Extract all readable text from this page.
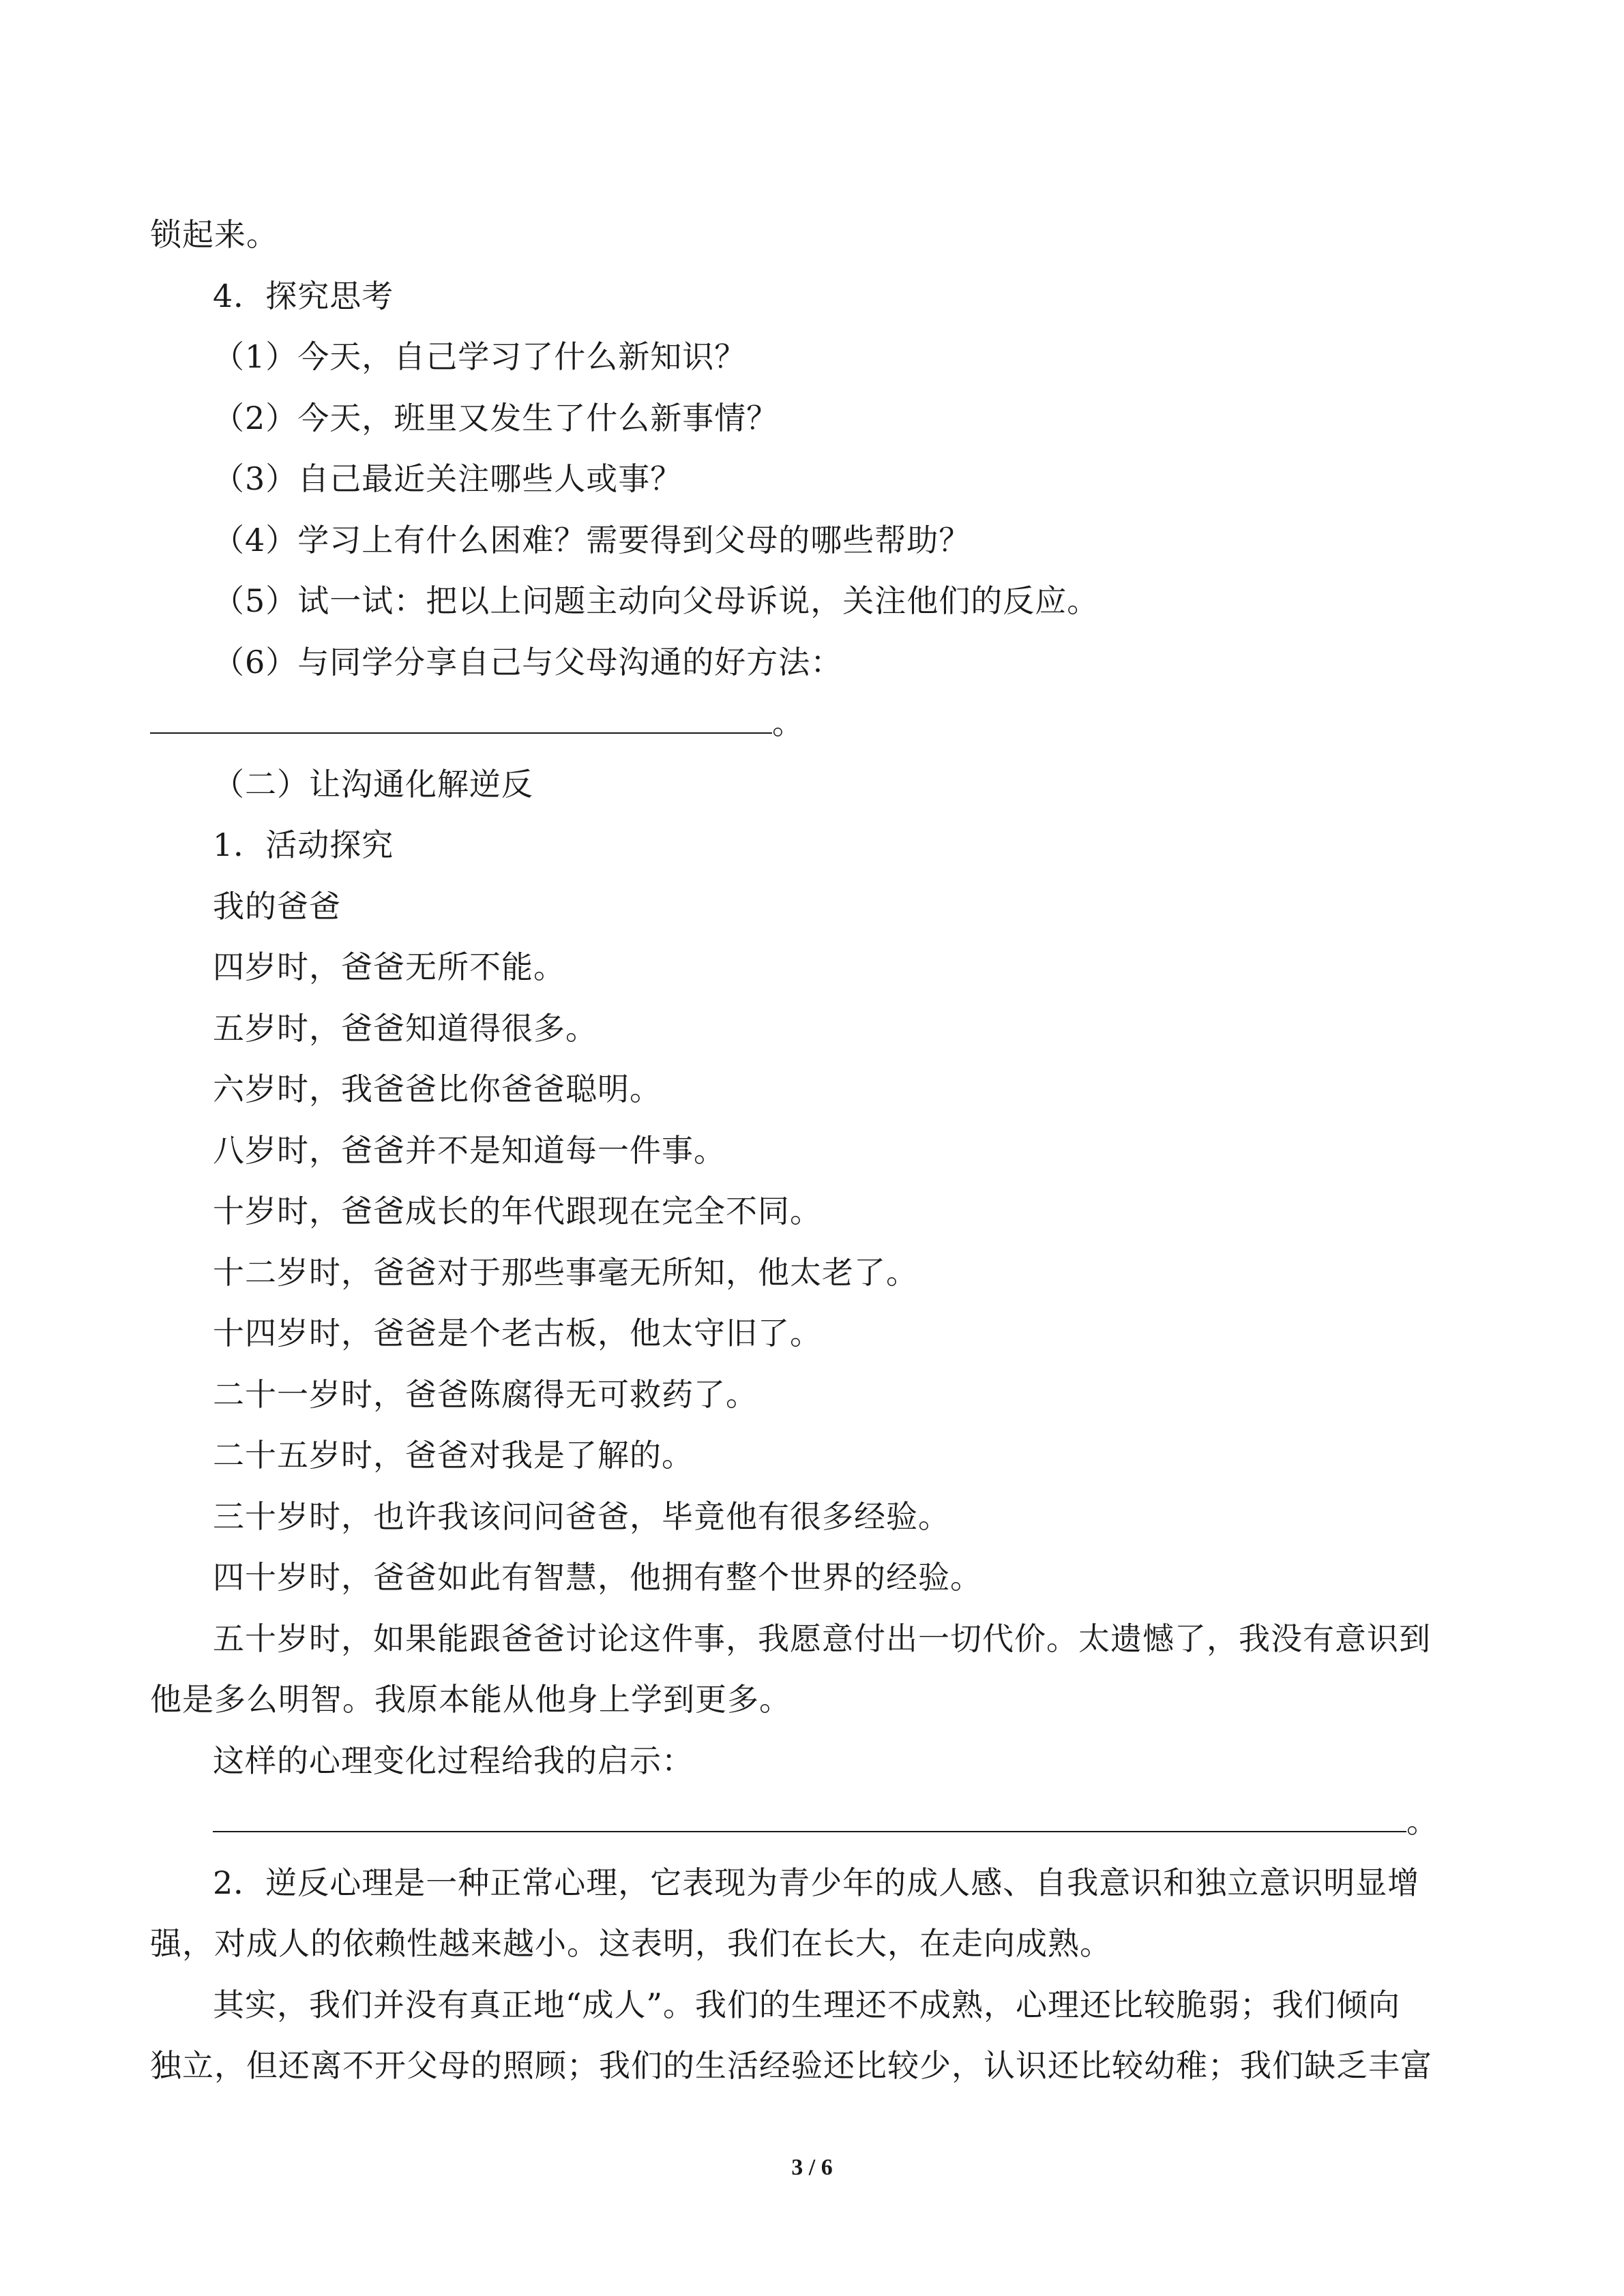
锁起来。
4．探究思考
（1）今天，自己学习了什么新知识？
（2）今天，班里又发生了什么新事情？
（3）自己最近关注哪些人或事？
（4）学习上有什么困难？需要得到父母的哪些帮助？
（5）试一试：把以上问题主动向父母诉说，关注他们的反应。
（6）与同学分享自己与父母沟通的好方法：
。
（二）让沟通化解逆反
1．活动探究
我的爸爸
四岁时，爸爸无所不能。
五岁时，爸爸知道得很多。
六岁时，我爸爸比你爸爸聪明。
八岁时，爸爸并不是知道每一件事。
十岁时，爸爸成长的年代跟现在完全不同。
十二岁时，爸爸对于那些事毫无所知，他太老了。
十四岁时，爸爸是个老古板，他太守旧了。
二十一岁时，爸爸陈腐得无可救药了。
二十五岁时，爸爸对我是了解的。
三十岁时，也许我该问问爸爸，毕竟他有很多经验。
四十岁时，爸爸如此有智慧，他拥有整个世界的经验。
五十岁时，如果能跟爸爸讨论这件事，我愿意付出一切代价。太遗憾了，我没有意识到
他是多么明智。我原本能从他身上学到更多。
这样的心理变化过程给我的启示：
。
2．逆反心理是一种正常心理，它表现为青少年的成人感、自我意识和独立意识明显增
强，对成人的依赖性越来越小。这表明，我们在长大，在走向成熟。
其实，我们并没有真正地“成人”。我们的生理还不成熟，心理还比较脆弱；我们倾向
独立，但还离不开父母的照顾；我们的生活经验还比较少，认识还比较幼稚；我们缺乏丰富
3 / 6
